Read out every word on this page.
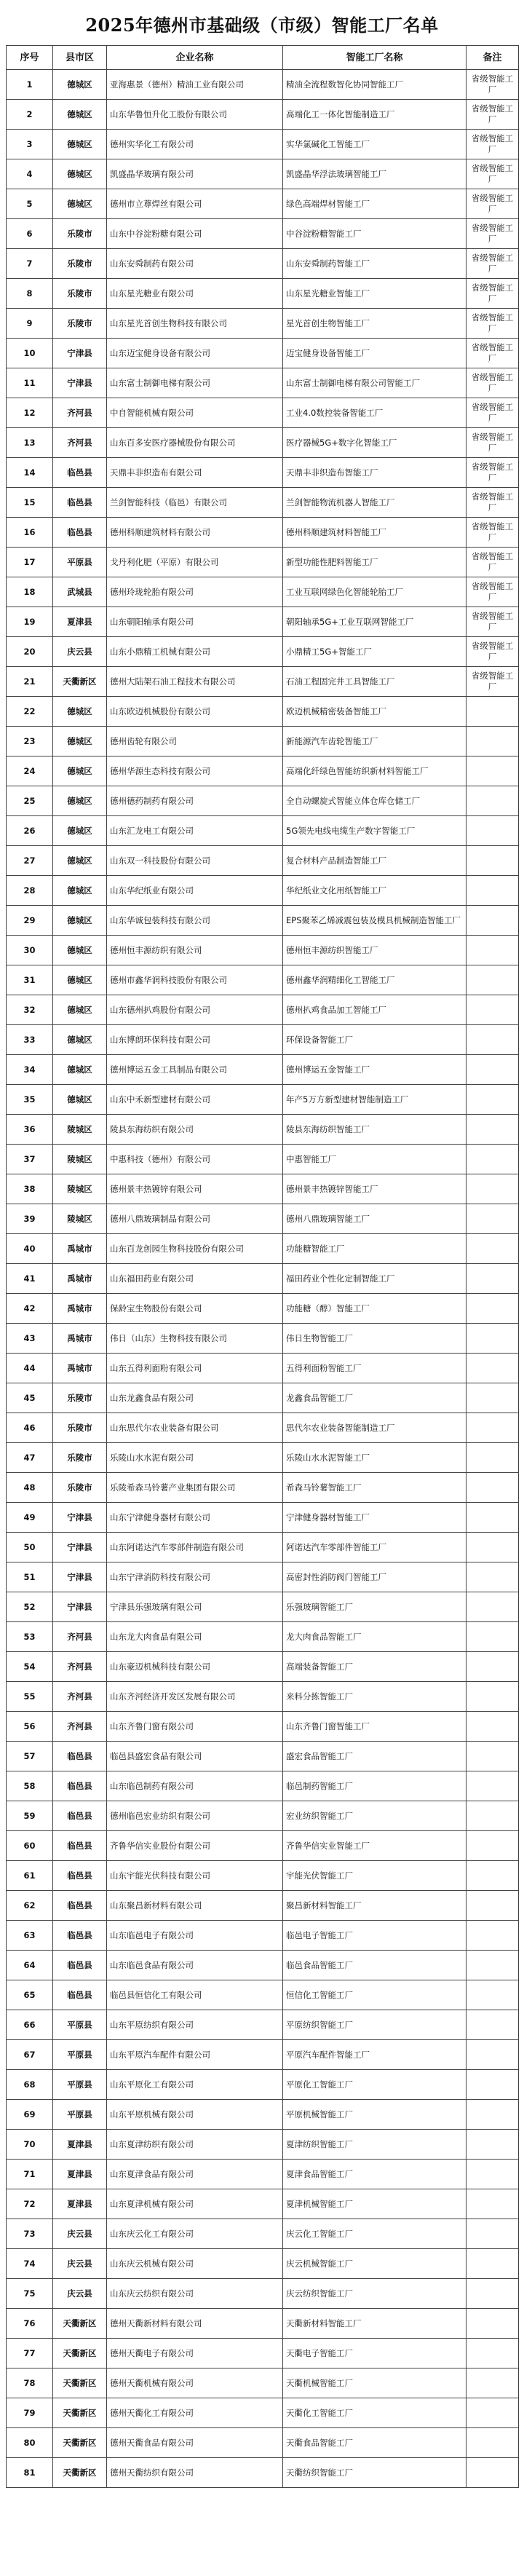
2025年德州市基础级（市级）智能工厂名单
序号	县市区	企业名称	智能工厂名称	备注
1	德城区	亚海惠景（德州）精油工业有限公司	精油全流程数智化协同智能工厂	省级智能工厂
2	德城区	山东华鲁恒升化工股份有限公司	高端化工一体化智能制造工厂	省级智能工厂
3	德城区	德州实华化工有限公司	实华氯碱化工智能工厂	省级智能工厂
4	德城区	凯盛晶华玻璃有限公司	凯盛晶华浮法玻璃智能工厂	省级智能工厂
5	德城区	德州市立尊焊丝有限公司	绿色高端焊材智能工厂	省级智能工厂
6	乐陵市	山东中谷淀粉糖有限公司	中谷淀粉糖智能工厂	省级智能工厂
7	乐陵市	山东安舜制药有限公司	山东安舜制药智能工厂	省级智能工厂
8	乐陵市	山东星光糖业有限公司	山东星光糖业智能工厂	省级智能工厂
9	乐陵市	山东星光首创生物科技有限公司	星光首创生物智能工厂	省级智能工厂
10	宁津县	山东迈宝健身设备有限公司	迈宝健身设备智能工厂	省级智能工厂
11	宁津县	山东富士制御电梯有限公司	山东富士制御电梯有限公司智能工厂	省级智能工厂
12	齐河县	中自智能机械有限公司	工业4.0数控装备智能工厂	省级智能工厂
13	齐河县	山东百多安医疗器械股份有限公司	医疗器械5G+数字化智能工厂	省级智能工厂
14	临邑县	天鼎丰非织造布有限公司	天鼎丰非织造布智能工厂	省级智能工厂
15	临邑县	兰剑智能科技（临邑）有限公司	兰剑智能物流机器人智能工厂	省级智能工厂
16	临邑县	德州科顺建筑材料有限公司	德州科顺建筑材料智能工厂	省级智能工厂
17	平原县	戈丹利化肥（平原）有限公司	新型功能性肥料智能工厂	省级智能工厂
18	武城县	德州玲珑轮胎有限公司	工业互联网绿色化智能轮胎工厂	省级智能工厂
19	夏津县	山东朝阳轴承有限公司	朝阳轴承5G+工业互联网智能工厂	省级智能工厂
20	庆云县	山东小鼎精工机械有限公司	小鼎精工5G+智能工厂	省级智能工厂
21	天衢新区	德州大陆架石油工程技术有限公司	石油工程固完井工具智能工厂	省级智能工厂
22	德城区	山东欧迈机械股份有限公司	欧迈机械精密装备智能工厂	
23	德城区	德州齿轮有限公司	新能源汽车齿轮智能工厂	
24	德城区	德州华源生态科技有限公司	高端化纤绿色智能纺织新材料智能工厂	
25	德城区	德州德药制药有限公司	全自动螺旋式智能立体仓库仓储工厂	
26	德城区	山东汇龙电工有限公司	5G领先电线电缆生产数字智能工厂	
27	德城区	山东双一科技股份有限公司	复合材料产品制造智能工厂	
28	德城区	山东华纪纸业有限公司	华纪纸业文化用纸智能工厂	
29	德城区	山东华诚包装科技有限公司	EPS聚苯乙烯减震包装及模具机械制造智能工厂	
30	德城区	德州恒丰源纺织有限公司	德州恒丰源纺织智能工厂	
31	德城区	德州市鑫华润科技股份有限公司	德州鑫华润精细化工智能工厂	
32	德城区	山东德州扒鸡股份有限公司	德州扒鸡食品加工智能工厂	
33	德城区	山东博朗环保科技有限公司	环保设备智能工厂	
34	德城区	德州博运五金工具制品有限公司	德州博运五金智能工厂	
35	德城区	山东中禾新型建材有限公司	年产5万方新型建材智能制造工厂	
36	陵城区	陵县东海纺织有限公司	陵县东海纺织智能工厂	
37	陵城区	中惠科技（德州）有限公司	中惠智能工厂	
38	陵城区	德州景丰热镀锌有限公司	德州景丰热镀锌智能工厂	
39	陵城区	德州八鼎玻璃制品有限公司	德州八鼎玻璃智能工厂	
40	禹城市	山东百龙创园生物科技股份有限公司	功能糖智能工厂	
41	禹城市	山东福田药业有限公司	福田药业个性化定制智能工厂	
42	禹城市	保龄宝生物股份有限公司	功能糖（醇）智能工厂	
43	禹城市	伟日（山东）生物科技有限公司	伟日生物智能工厂	
44	禹城市	山东五得利面粉有限公司	五得利面粉智能工厂	
45	乐陵市	山东龙鑫食品有限公司	龙鑫食品智能工厂	
46	乐陵市	山东思代尔农业装备有限公司	思代尔农业装备智能制造工厂	
47	乐陵市	乐陵山水水泥有限公司	乐陵山水水泥智能工厂	
48	乐陵市	乐陵希森马铃薯产业集团有限公司	希森马铃薯智能工厂	
49	宁津县	山东宁津健身器材有限公司	宁津健身器材智能工厂	
50	宁津县	山东阿诺达汽车零部件制造有限公司	阿诺达汽车零部件智能工厂	
51	宁津县	山东宁津消防科技有限公司	高密封性消防阀门智能工厂	
52	宁津县	宁津县乐强玻璃有限公司	乐强玻璃智能工厂	
53	齐河县	山东龙大肉食品有限公司	龙大肉食品智能工厂	
54	齐河县	山东豪迈机械科技有限公司	高端装备智能工厂	
55	齐河县	山东齐河经济开发区发展有限公司	来料分拣智能工厂	
56	齐河县	山东齐鲁门窗有限公司	山东齐鲁门窗智能工厂	
57	临邑县	临邑县盛宏食品有限公司	盛宏食品智能工厂	
58	临邑县	山东临邑制药有限公司	临邑制药智能工厂	
59	临邑县	德州临邑宏业纺织有限公司	宏业纺织智能工厂	
60	临邑县	齐鲁华信实业股份有限公司	齐鲁华信实业智能工厂	
61	临邑县	山东宇能光伏科技有限公司	宇能光伏智能工厂	
62	临邑县	山东聚昌新材料有限公司	聚昌新材料智能工厂	
63	临邑县	山东临邑电子有限公司	临邑电子智能工厂	
64	临邑县	山东临邑食品有限公司	临邑食品智能工厂	
65	临邑县	临邑县恒信化工有限公司	恒信化工智能工厂	
66	平原县	山东平原纺织有限公司	平原纺织智能工厂	
67	平原县	山东平原汽车配件有限公司	平原汽车配件智能工厂	
68	平原县	山东平原化工有限公司	平原化工智能工厂	
69	平原县	山东平原机械有限公司	平原机械智能工厂	
70	夏津县	山东夏津纺织有限公司	夏津纺织智能工厂	
71	夏津县	山东夏津食品有限公司	夏津食品智能工厂	
72	夏津县	山东夏津机械有限公司	夏津机械智能工厂	
73	庆云县	山东庆云化工有限公司	庆云化工智能工厂	
74	庆云县	山东庆云机械有限公司	庆云机械智能工厂	
75	庆云县	山东庆云纺织有限公司	庆云纺织智能工厂	
76	天衢新区	德州天衢新材料有限公司	天衢新材料智能工厂	
77	天衢新区	德州天衢电子有限公司	天衢电子智能工厂	
78	天衢新区	德州天衢机械有限公司	天衢机械智能工厂	
79	天衢新区	德州天衢化工有限公司	天衢化工智能工厂	
80	天衢新区	德州天衢食品有限公司	天衢食品智能工厂	
81	天衢新区	德州天衢纺织有限公司	天衢纺织智能工厂	
